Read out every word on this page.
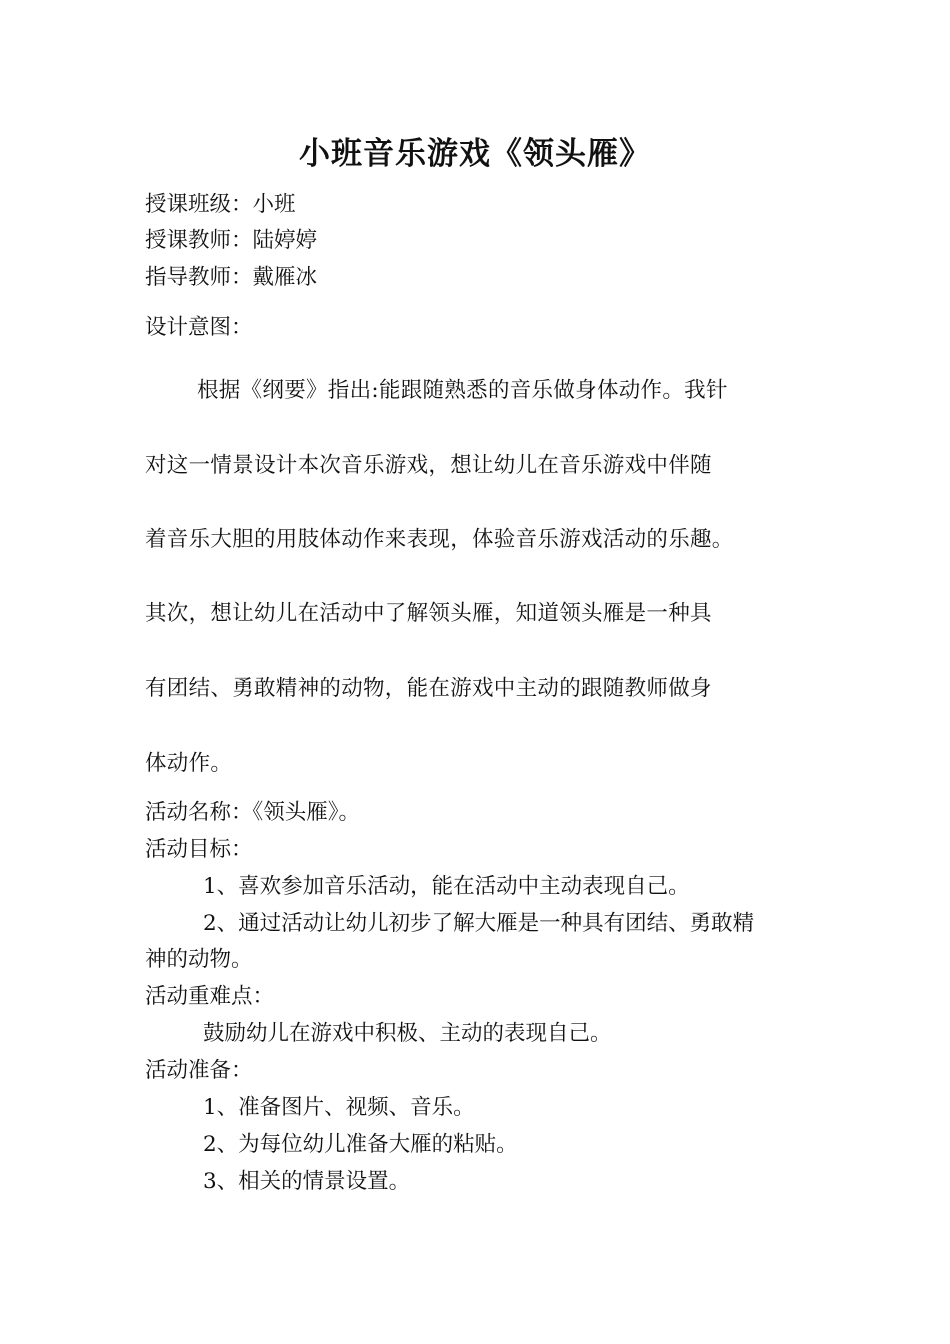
小班音乐游戏《领头雁》
授课班级：小班
授课教师：陆婷婷
指导教师：戴雁冰
设计意图：
根据《纲要》指出:能跟随熟悉的音乐做身体动作。我针
对这一情景设计本次音乐游戏，想让幼儿在音乐游戏中伴随
着音乐大胆的用肢体动作来表现，体验音乐游戏活动的乐趣。
其次，想让幼儿在活动中了解领头雁，知道领头雁是一种具
有团结、勇敢精神的动物，能在游戏中主动的跟随教师做身
体动作。
活动名称：《领头雁》。
活动目标：
1、喜欢参加音乐活动，能在活动中主动表现自己。
2、通过活动让幼儿初步了解大雁是一种具有团结、勇敢精
神的动物。
活动重难点：
鼓励幼儿在游戏中积极、主动的表现自己。
活动准备：
1、准备图片、视频、音乐。
2、为每位幼儿准备大雁的粘贴。
3、相关的情景设置。
